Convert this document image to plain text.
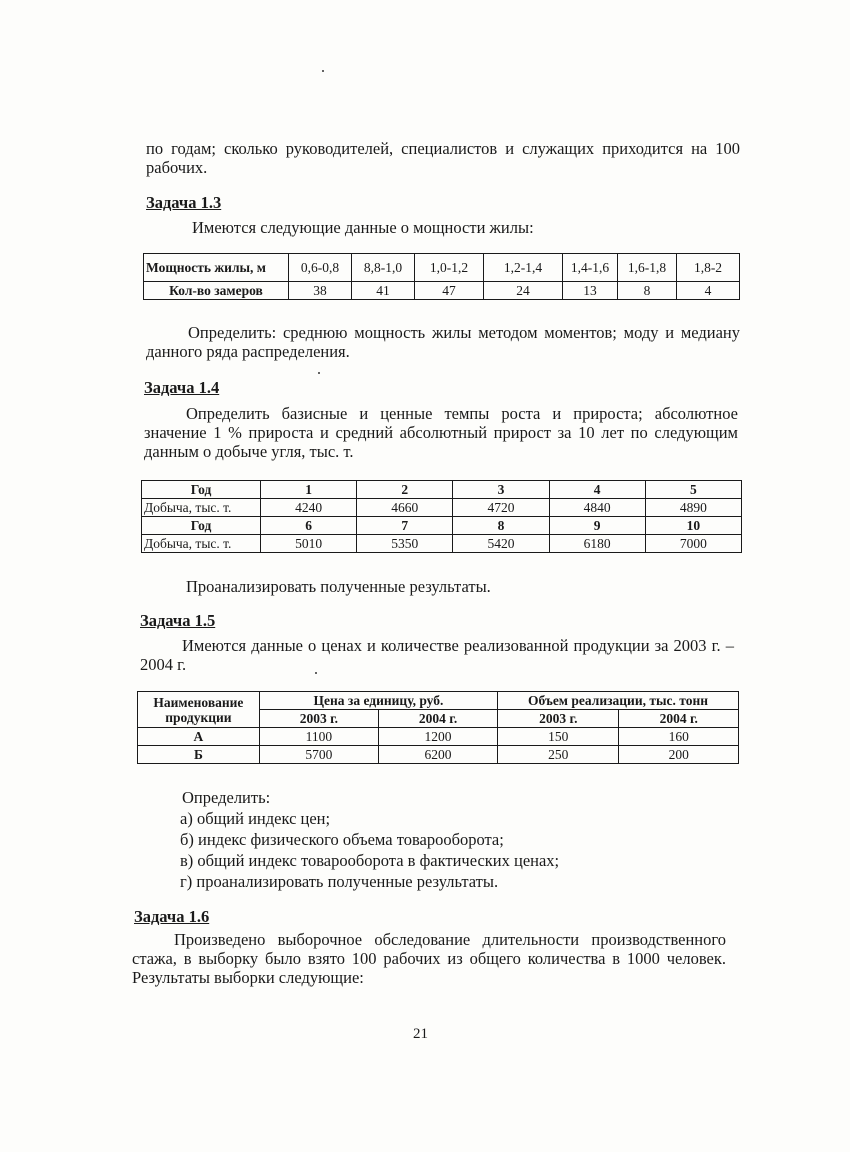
по годам; сколько руководителей, специалистов и служащих приходится на 100 рабочих.
Задача 1.3
Имеются следующие данные о мощности жилы:
Мощность жилы, м	0,6-0,8	8,8-1,0	1,0-1,2	1,2-1,4	1,4-1,6	1,6-1,8	1,8-2
Кол-во замеров	38	41	47	24	13	8	4
Определить: среднюю мощность жилы методом моментов; моду и медиану данного ряда распределения.
Задача 1.4
Определить базисные и ценные темпы роста и прироста; абсолютное значение 1 % прироста и средний абсолютный прирост за 10 лет по следующим данным о добыче угля, тыс. т.
Год	1	2	3	4	5
Добыча, тыс. т.	4240	4660	4720	4840	4890
Год	6	7	8	9	10
Добыча, тыс. т.	5010	5350	5420	6180	7000
Проанализировать полученные результаты.
Задача 1.5
Имеются данные о ценах и количестве реализованной продукции за 2003 г. – 2004 г.
Наименование продукции	Цена за единицу, руб.		Объем реализации, тыс. тонн	
	2003 г.	2004 г.	2003 г.	2004 г.
А	1100	1200	150	160
Б	5700	6200	250	200
Определить:
а) общий индекс цен;
б) индекс физического объема товарооборота;
в) общий индекс товарооборота в фактических ценах;
г) проанализировать полученные результаты.
Задача 1.6
Произведено выборочное обследование длительности производственного стажа, в выборку было взято 100 рабочих из общего количества в 1000 человек. Результаты выборки следующие:
21
